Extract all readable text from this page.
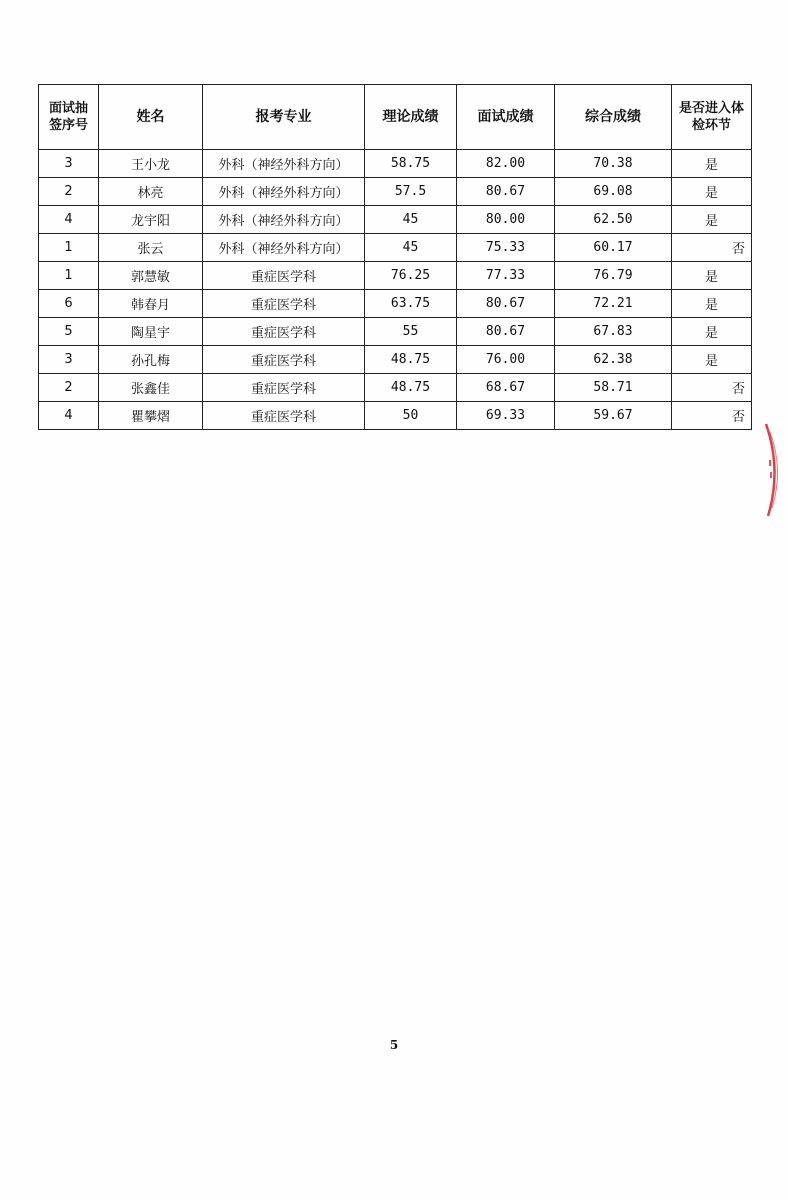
面试抽签序号	姓名	报考专业	理论成绩	面试成绩	综合成绩	是否进入体检环节
3	王小龙	外科（神经外科方向）	58.75	82.00	70.38	是
2	林亮	外科（神经外科方向）	57.5	80.67	69.08	是
4	龙宇阳	外科（神经外科方向）	45	80.00	62.50	是
1	张云	外科（神经外科方向）	45	75.33	60.17	否
1	郭慧敏	重症医学科	76.25	77.33	76.79	是
6	韩春月	重症医学科	63.75	80.67	72.21	是
5	陶星宇	重症医学科	55	80.67	67.83	是
3	孙孔梅	重症医学科	48.75	76.00	62.38	是
2	张鑫佳	重症医学科	48.75	68.67	58.71	否
4	瞿攀熠	重症医学科	50	69.33	59.67	否
5
